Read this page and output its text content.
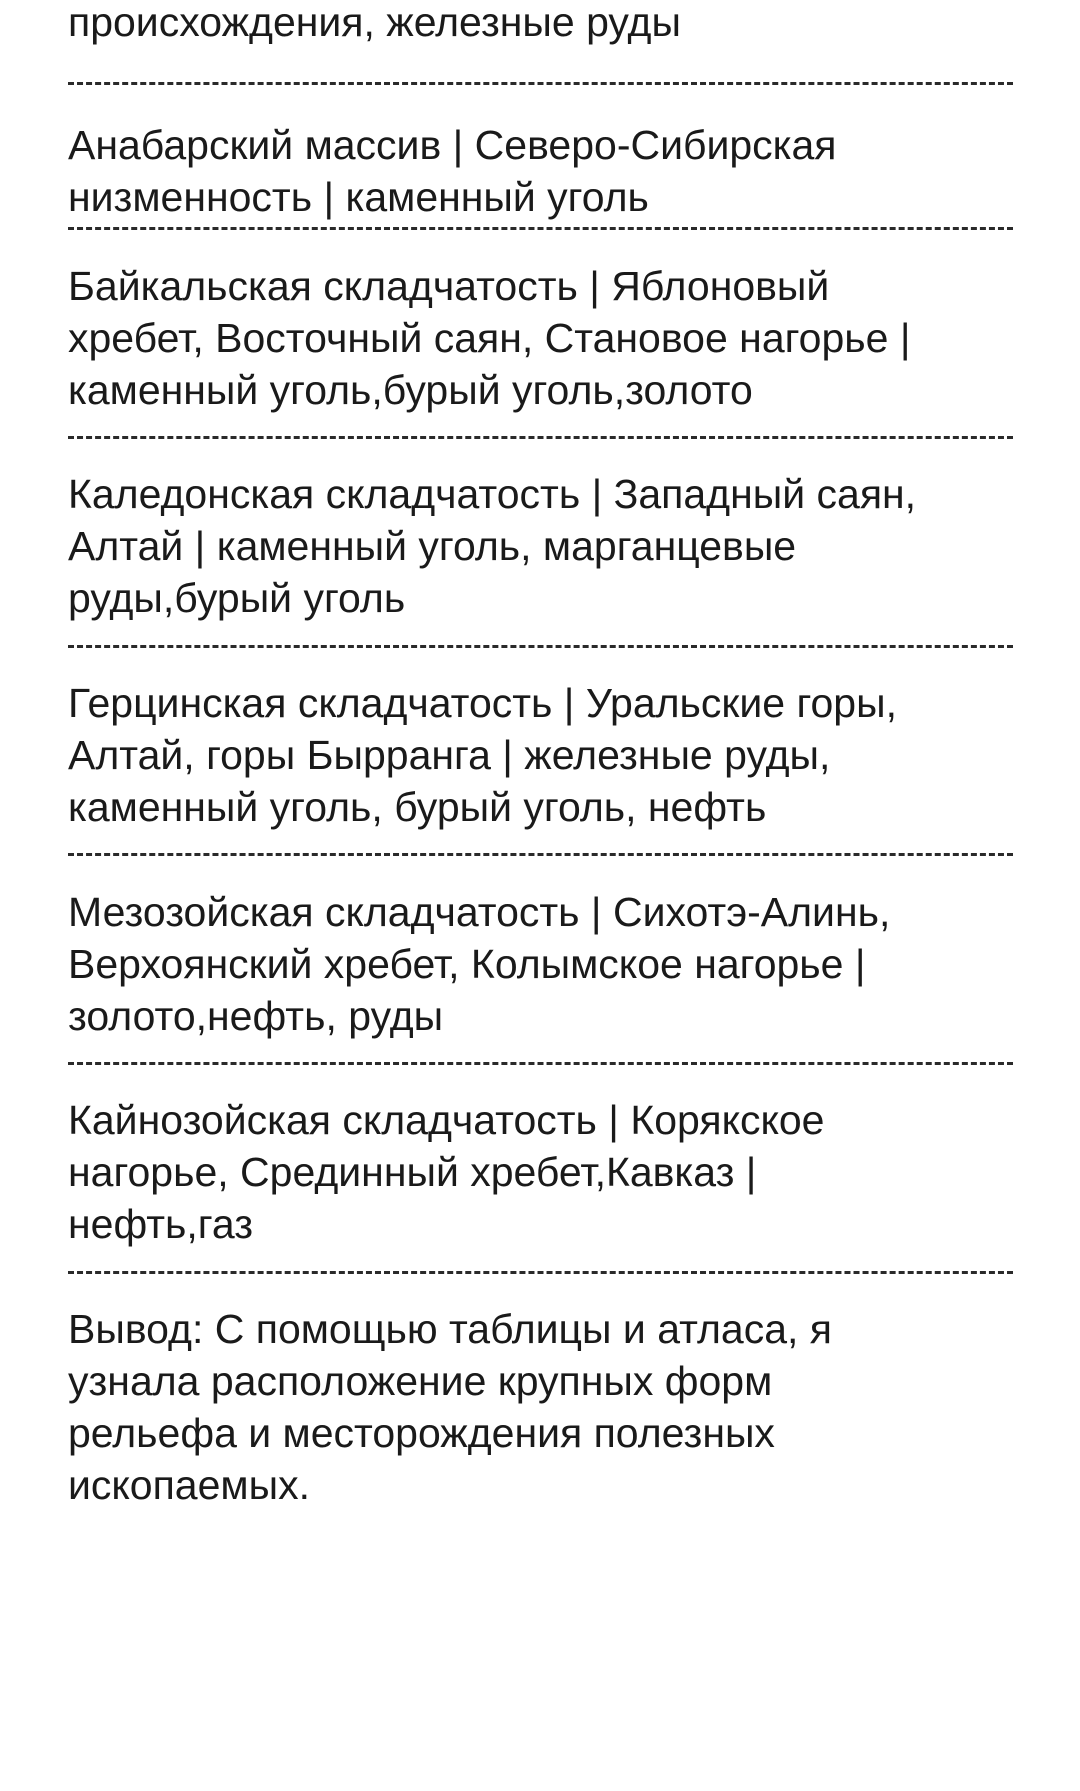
происхождения, железные руды
Анабарский массив | Северо-Сибирская
низменность | каменный уголь
Байкальская складчатость | Яблоновый
хребет, Восточный саян, Становое нагорье |
каменный уголь,бурый уголь,золото
Каледонская складчатость | Западный саян,
Алтай | каменный уголь, марганцевые
руды,бурый уголь
Герцинская складчатость | Уральские горы,
Алтай, горы Бырранга | железные руды,
каменный уголь, бурый уголь, нефть
Мезозойская складчатость | Сихотэ-Алинь,
Верхоянский хребет, Колымское нагорье |
золото,нефть, руды
Кайнозойская складчатость | Корякское
нагорье, Срединный хребет,Кавказ |
нефть,газ
Вывод: С помощью таблицы и атласа, я
узнала расположение крупных форм
рельефа и месторождения полезных
ископаемых.
